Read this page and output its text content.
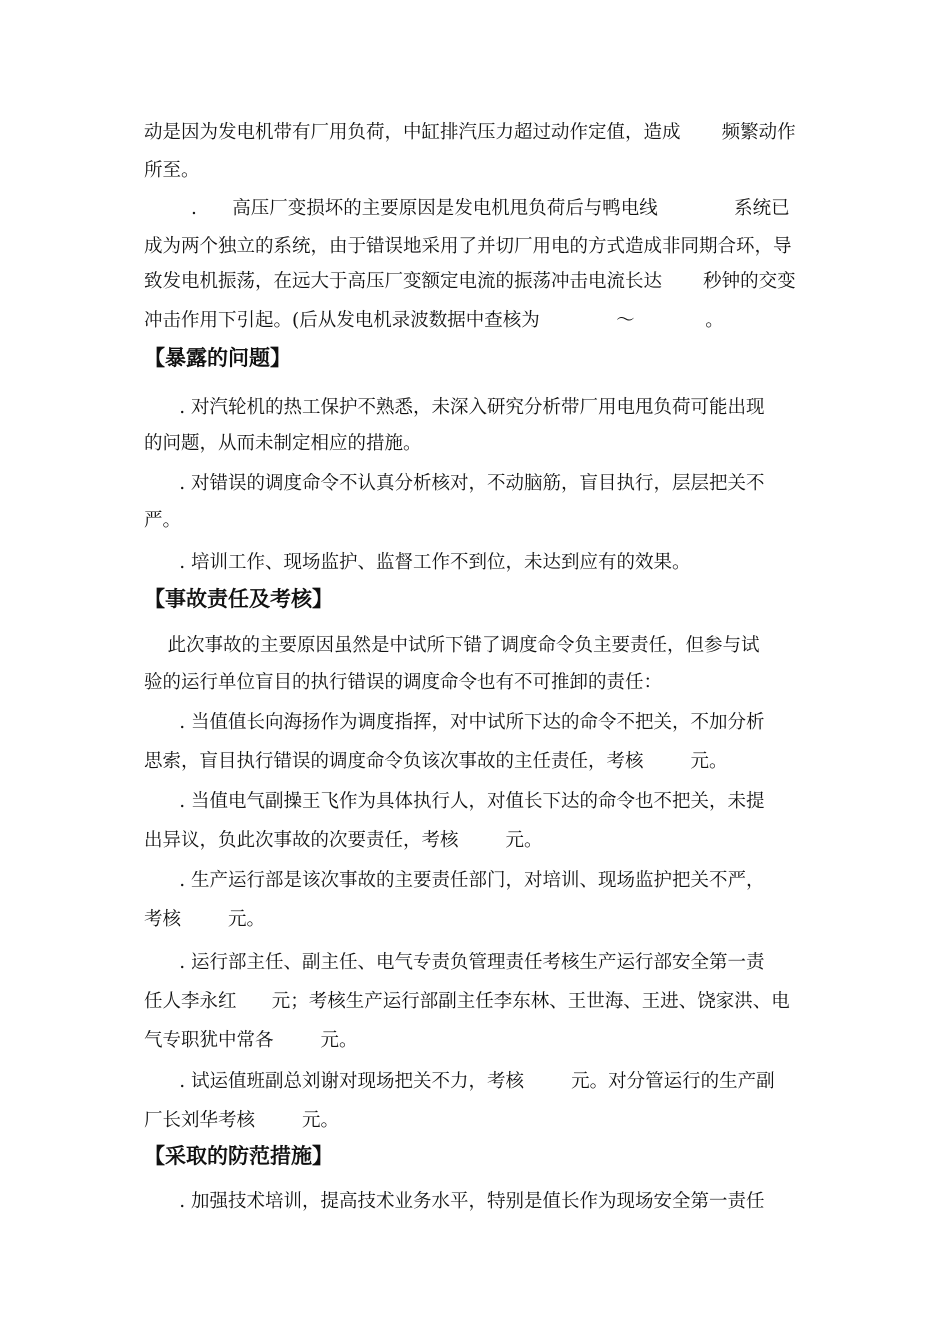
动是因为发电机带有厂用负荷，中缸排汽压力超过动作定值，造成       频繁动作

所至。

.      高压厂变损坏的主要原因是发电机甩负荷后与鸭电线             系统已

成为两个独立的系统，由于错误地采用了并切厂用电的方式造成非同期合环，导

致发电机振荡，在远大于高压厂变额定电流的振荡冲击电流长达       秒钟的交变

冲击作用下引起。(后从发电机录波数据中查核为             ～            。

【暴露的问题】

. 对汽轮机的热工保护不熟悉，未深入研究分析带厂用电甩负荷可能出现

的问题，从而未制定相应的措施。

. 对错误的调度命令不认真分析核对，不动脑筋，盲目执行，层层把关不

严。

. 培训工作、现场监护、监督工作不到位，未达到应有的效果。

【事故责任及考核】

此次事故的主要原因虽然是中试所下错了调度命令负主要责任，但参与试

验的运行单位盲目的执行错误的调度命令也有不可推卸的责任：

. 当值值长向海扬作为调度指挥，对中试所下达的命令不把关，不加分析

思索，盲目执行错误的调度命令负该次事故的主任责任，考核        元。

. 当值电气副操王飞作为具体执行人，对值长下达的命令也不把关，未提

出异议，负此次事故的次要责任，考核        元。

. 生产运行部是该次事故的主要责任部门，对培训、现场监护把关不严，

考核        元。

. 运行部主任、副主任、电气专责负管理责任考核生产运行部安全第一责

任人李永红      元；考核生产运行部副主任李东林、王世海、王进、饶家洪、电

气专职犹中常各        元。

. 试运值班副总刘谢对现场把关不力，考核        元。对分管运行的生产副

厂长刘华考核        元。

【采取的防范措施】

. 加强技术培训，提高技术业务水平，特别是值长作为现场安全第一责任
